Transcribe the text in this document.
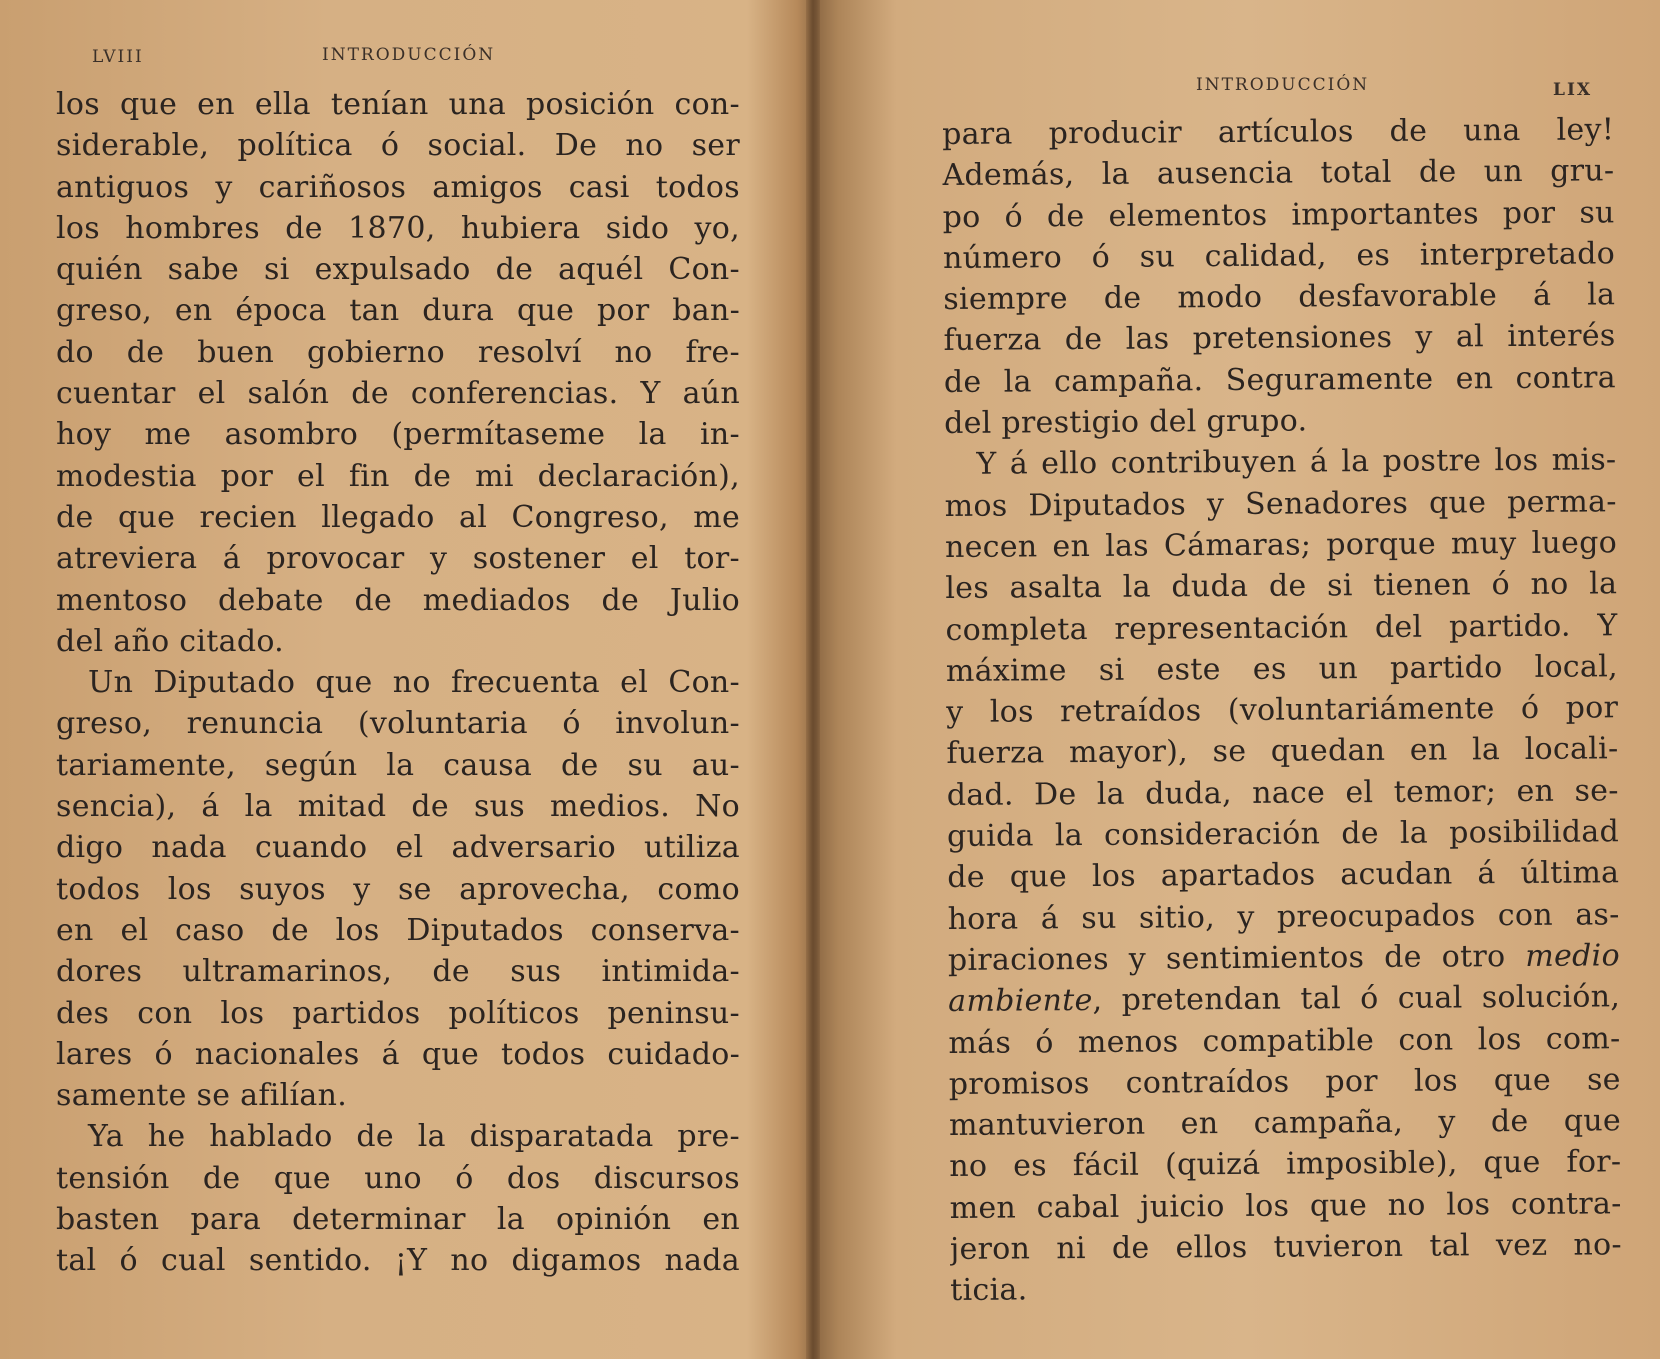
LVIII	INTRODUCCIÓN
los que en ella tenían una posición con-
siderable, política ó social. De no ser
antiguos y cariñosos amigos casi todos
los hombres de 1870, hubiera sido yo,
quién sabe si expulsado de aquél Con-
greso, en época tan dura que por ban-
do de buen gobierno resolví no fre-
cuentar el salón de conferencias. Y aún
hoy me asombro (permítaseme la in-
modestia por el fin de mi declaración),
de que recien llegado al Congreso, me
atreviera á provocar y sostener el tor-
mentoso debate de mediados de Julio
del año citado.
Un Diputado que no frecuenta el Con-
greso, renuncia (voluntaria ó involun-
tariamente, según la causa de su au-
sencia), á la mitad de sus medios. No
digo nada cuando el adversario utiliza
todos los suyos y se aprovecha, como
en el caso de los Diputados conserva-
dores ultramarinos, de sus intimida-
des con los partidos políticos peninsu-
lares ó nacionales á que todos cuidado-
samente se afilían.
Ya he hablado de la disparatada pre-
tensión de que uno ó dos discursos
basten para determinar la opinión en
tal ó cual sentido. ¡Y no digamos nada
INTRODUCCIÓN	LIX
para producir artículos de una ley!
Además, la ausencia total de un gru-
po ó de elementos importantes por su
número ó su calidad, es interpretado
siempre de modo desfavorable á la
fuerza de las pretensiones y al interés
de la campaña. Seguramente en contra
del prestigio del grupo.
Y á ello contribuyen á la postre los mis-
mos Diputados y Senadores que perma-
necen en las Cámaras; porque muy luego
les asalta la duda de si tienen ó no la
completa representación del partido. Y
máxime si este es un partido local,
y los retraídos (voluntariámente ó por
fuerza mayor), se quedan en la locali-
dad. De la duda, nace el temor; en se-
guida la consideración de la posibilidad
de que los apartados acudan á última
hora á su sitio, y preocupados con as-
piraciones y sentimientos de otro medio
ambiente, pretendan tal ó cual solución,
más ó menos compatible con los com-
promisos contraídos por los que se
mantuvieron en campaña, y de que
no es fácil (quizá imposible), que for-
men cabal juicio los que no los contra-
jeron ni de ellos tuvieron tal vez no-
ticia.
